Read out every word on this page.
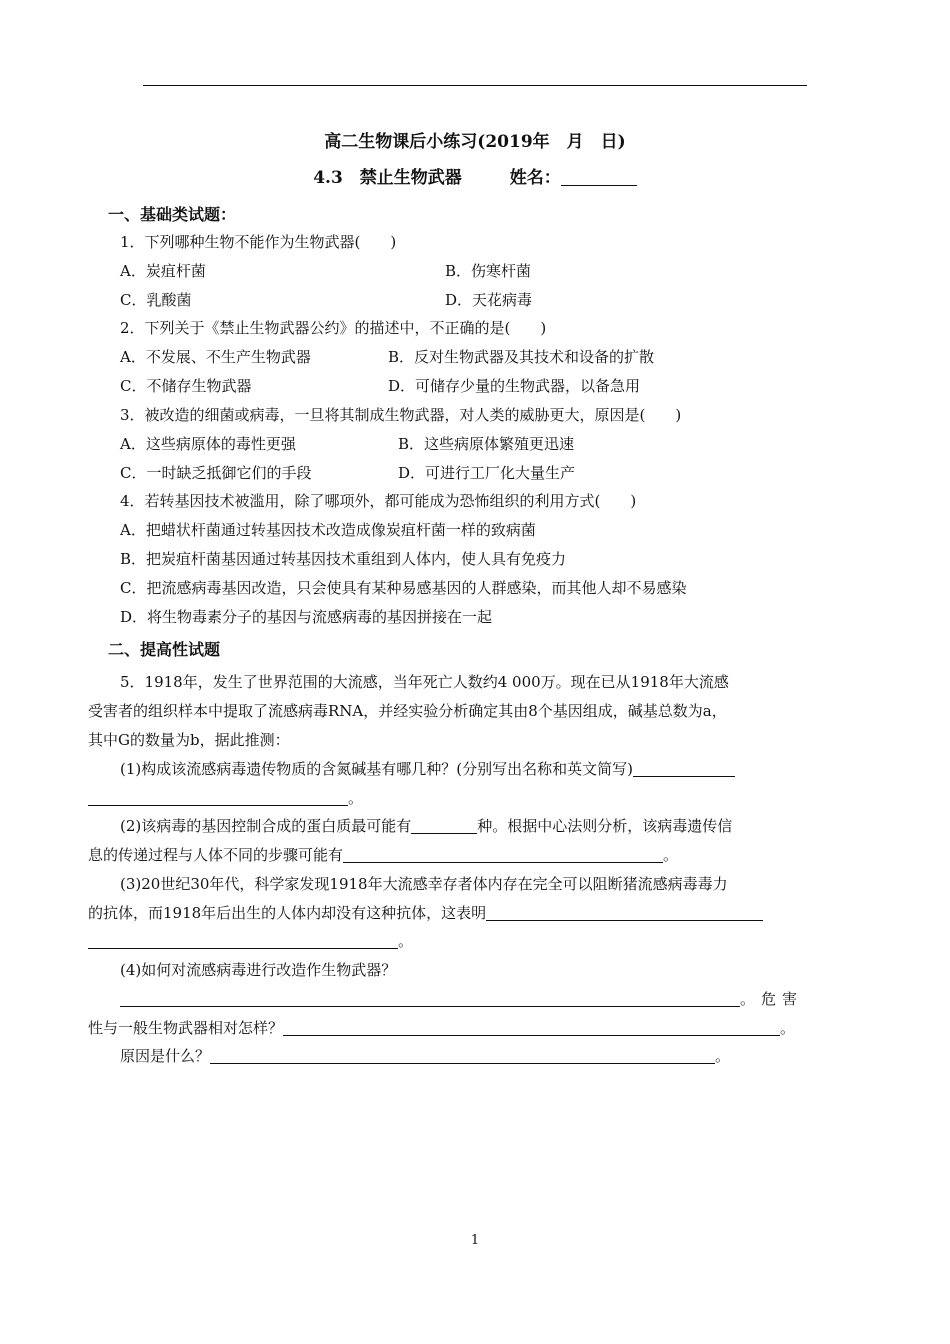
高二生物课后小练习(2019年　月　日)
4.3　禁止生物武器	姓名：
一、基础类试题：
1．下列哪种生物不能作为生物武器(　　)
A．炭疽杆菌	B．伤寒杆菌
C．乳酸菌	D．天花病毒
2．下列关于《禁止生物武器公约》的描述中，不正确的是(　　)
A．不发展、不生产生物武器	B．反对生物武器及其技术和设备的扩散
C．不储存生物武器	D．可储存少量的生物武器，以备急用
3．被改造的细菌或病毒，一旦将其制成生物武器，对人类的威胁更大，原因是(　　)
A．这些病原体的毒性更强	B．这些病原体繁殖更迅速
C．一时缺乏抵御它们的手段	D．可进行工厂化大量生产
4．若转基因技术被滥用，除了哪项外，都可能成为恐怖组织的利用方式(　　)
A．把蜡状杆菌通过转基因技术改造成像炭疽杆菌一样的致病菌
B．把炭疽杆菌基因通过转基因技术重组到人体内，使人具有免疫力
C．把流感病毒基因改造，只会使具有某种易感基因的人群感染，而其他人却不易感染
D．将生物毒素分子的基因与流感病毒的基因拼接在一起
二、提高性试题
5．1918年，发生了世界范围的大流感，当年死亡人数约4 000万。现在已从1918年大流感
受害者的组织样本中提取了流感病毒RNA，并经实验分析确定其由8个基因组成，碱基总数为a，
其中G的数量为b，据此推测：
(1)构成该流感病毒遗传物质的含氮碱基有哪几种？(分别写出名称和英文简写)
。
(2)该病毒的基因控制合成的蛋白质最可能有	种。根据中心法则分析，该病毒遗传信
息的传递过程与人体不同的步骤可能有	。
(3)20世纪30年代，科学家发现1918年大流感幸存者体内存在完全可以阻断猪流感病毒毒力
的抗体，而1918年后出生的人体内却没有这种抗体，这表明
。
(4)如何对流感病毒进行改造作生物武器？
。危害
性与一般生物武器相对怎样？	。
原因是什么？	。
1
